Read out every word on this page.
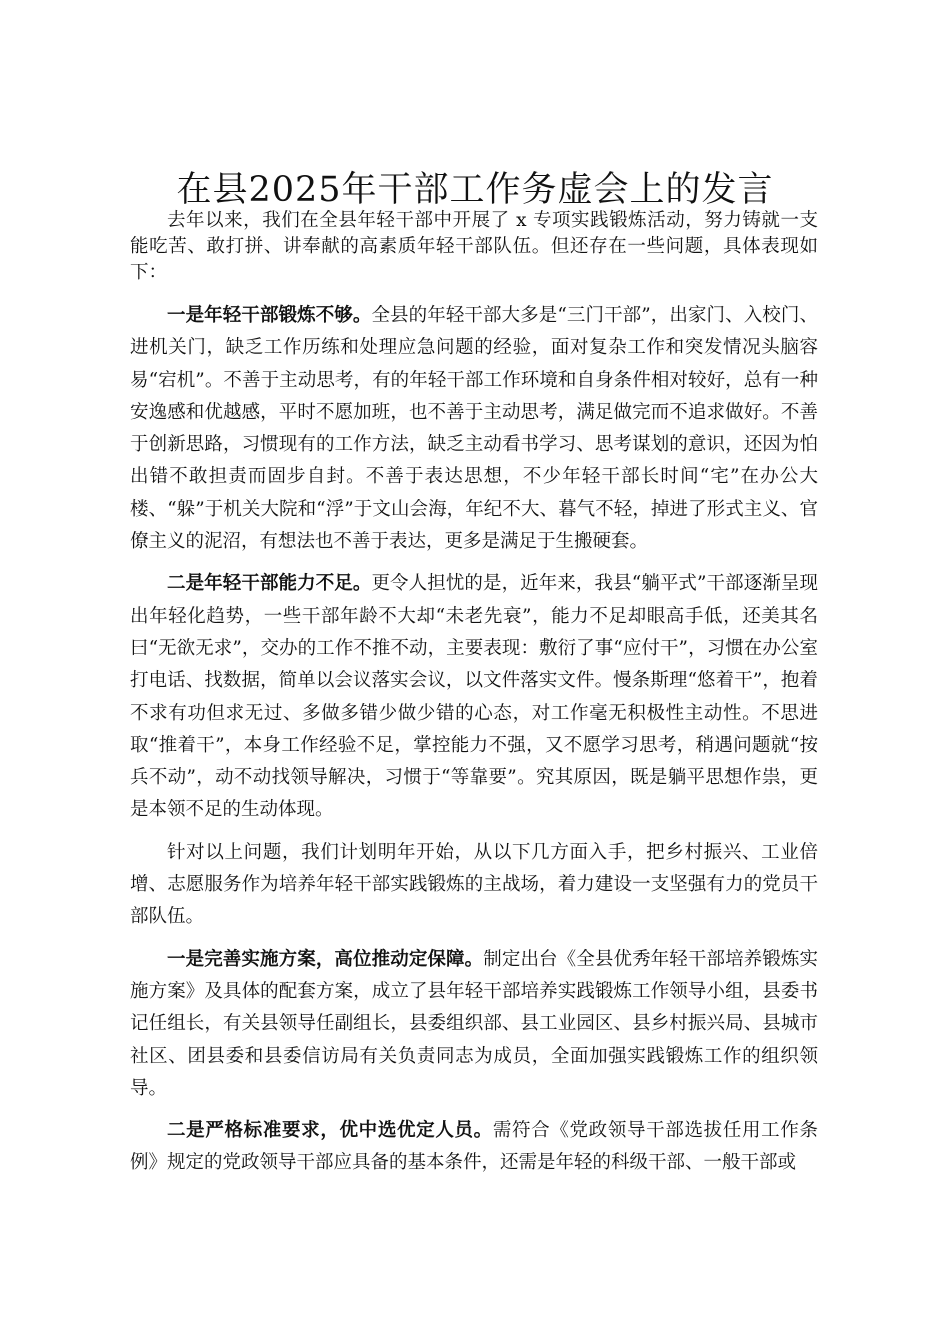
在县2025年干部工作务虚会上的发言

去年以来，我们在全县年轻干部中开展了 x 专项实践锻炼活动，努力铸就一支能吃苦、敢打拼、讲奉献的高素质年轻干部队伍。但还存在一些问题，具体表现如下：

一是年轻干部锻炼不够。全县的年轻干部大多是“三门干部”，出家门、入校门、进机关门，缺乏工作历练和处理应急问题的经验，面对复杂工作和突发情况头脑容易“宕机”。不善于主动思考，有的年轻干部工作环境和自身条件相对较好，总有一种安逸感和优越感，平时不愿加班，也不善于主动思考，满足做完而不追求做好。不善于创新思路，习惯现有的工作方法，缺乏主动看书学习、思考谋划的意识，还因为怕出错不敢担责而固步自封。不善于表达思想，不少年轻干部长时间“宅”在办公大楼、“躲”于机关大院和“浮”于文山会海，年纪不大、暮气不轻，掉进了形式主义、官僚主义的泥沼，有想法也不善于表达，更多是满足于生搬硬套。

二是年轻干部能力不足。更令人担忧的是，近年来，我县“躺平式”干部逐渐呈现出年轻化趋势，一些干部年龄不大却“未老先衰”，能力不足却眼高手低，还美其名曰“无欲无求”，交办的工作不推不动，主要表现：敷衍了事“应付干”，习惯在办公室打电话、找数据，简单以会议落实会议，以文件落实文件。慢条斯理“悠着干”，抱着不求有功但求无过、多做多错少做少错的心态，对工作毫无积极性主动性。不思进取“推着干”，本身工作经验不足，掌控能力不强，又不愿学习思考，稍遇问题就“按兵不动”，动不动找领导解决，习惯于“等靠要”。究其原因，既是躺平思想作祟，更是本领不足的生动体现。

针对以上问题，我们计划明年开始，从以下几方面入手，把乡村振兴、工业倍增、志愿服务作为培养年轻干部实践锻炼的主战场，着力建设一支坚强有力的党员干部队伍。

一是完善实施方案，高位推动定保障。制定出台《全县优秀年轻干部培养锻炼实施方案》及具体的配套方案，成立了县年轻干部培养实践锻炼工作领导小组，县委书记任组长，有关县领导任副组长，县委组织部、县工业园区、县乡村振兴局、县城市社区、团县委和县委信访局有关负责同志为成员，全面加强实践锻炼工作的组织领导。

二是严格标准要求，优中选优定人员。需符合《党政领导干部选拔任用工作条例》规定的党政领导干部应具备的基本条件，还需是年轻的科级干部、一般干部或
